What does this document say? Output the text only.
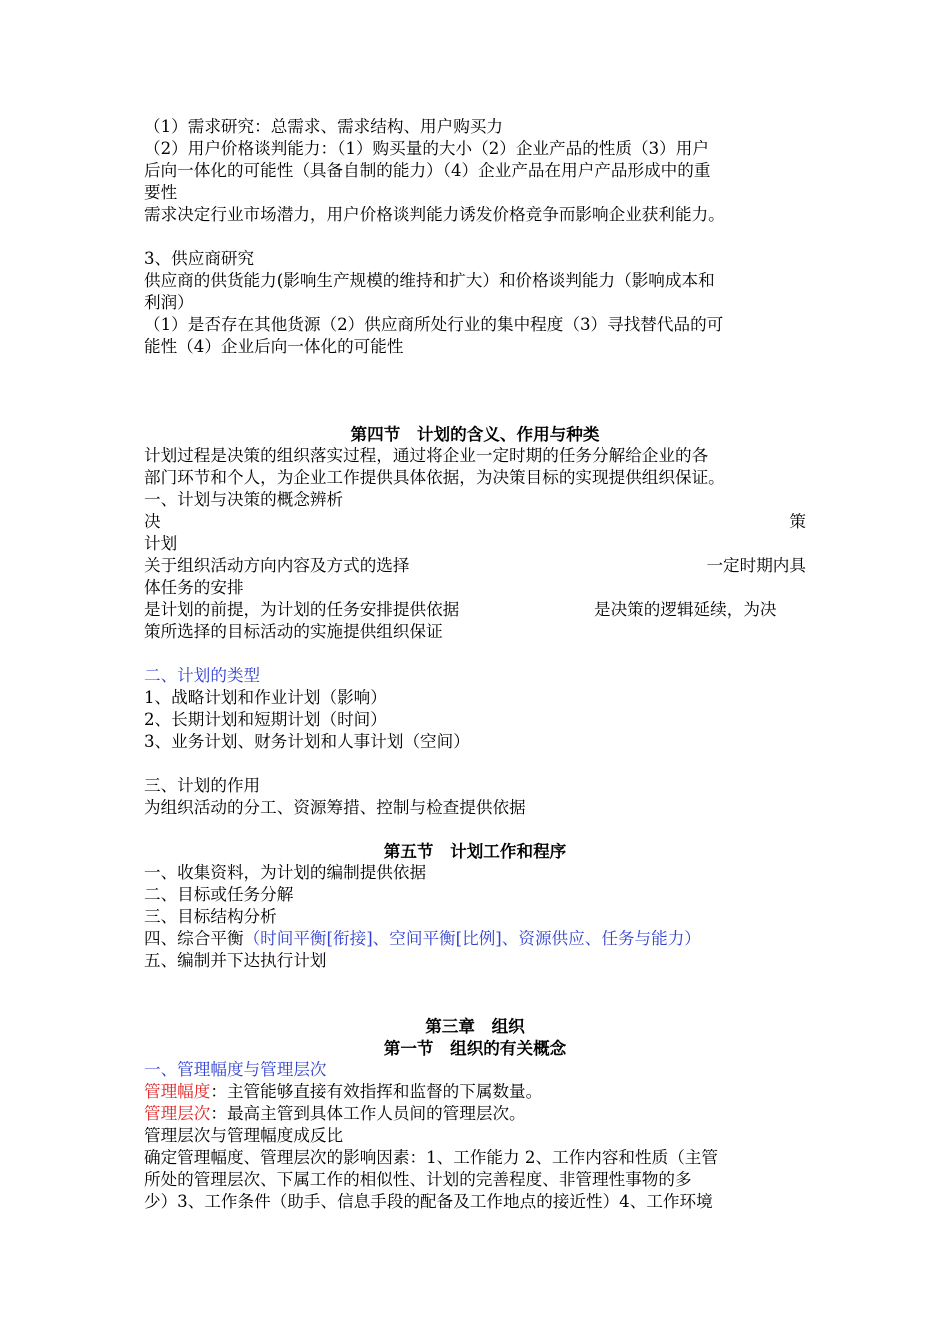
（1）需求研究：总需求、需求结构、用户购买力
（2）用户价格谈判能力：（1）购买量的大小（2）企业产品的性质（3）用户
后向一体化的可能性（具备自制的能力）（4）企业产品在用户产品形成中的重
要性
需求决定行业市场潜力，用户价格谈判能力诱发价格竞争而影响企业获利能力。
3、供应商研究
供应商的供货能力(影响生产规模的维持和扩大）和价格谈判能力（影响成本和
利润）
（1）是否存在其他货源（2）供应商所处行业的集中程度（3）寻找替代品的可
能性（4）企业后向一体化的可能性
第四节　计划的含义、作用与种类
计划过程是决策的组织落实过程，通过将企业一定时期的任务分解给企业的各
部门环节和个人，为企业工作提供具体依据，为决策目标的实现提供组织保证。
一、计划与决策的概念辨析
决	策
计划
关于组织活动方向内容及方式的选择	一定时期内具
体任务的安排
是计划的前提，为计划的任务安排提供依据	是决策的逻辑延续，为决
策所选择的目标活动的实施提供组织保证
二、计划的类型
1、战略计划和作业计划（影响）
2、长期计划和短期计划（时间）
3、业务计划、财务计划和人事计划（空间）
三、计划的作用
为组织活动的分工、资源筹措、控制与检查提供依据
第五节　计划工作和程序
一、收集资料，为计划的编制提供依据
二、目标或任务分解
三、目标结构分析
四、综合平衡（时间平衡[衔接]、空间平衡[比例]、资源供应、任务与能力）
五、编制并下达执行计划
第三章　组织
第一节　组织的有关概念
一、管理幅度与管理层次
管理幅度：主管能够直接有效指挥和监督的下属数量。
管理层次：最高主管到具体工作人员间的管理层次。
管理层次与管理幅度成反比
确定管理幅度、管理层次的影响因素：1、工作能力 2、工作内容和性质（主管
所处的管理层次、下属工作的相似性、计划的完善程度、非管理性事物的多
少）3、工作条件（助手、信息手段的配备及工作地点的接近性）4、工作环境
